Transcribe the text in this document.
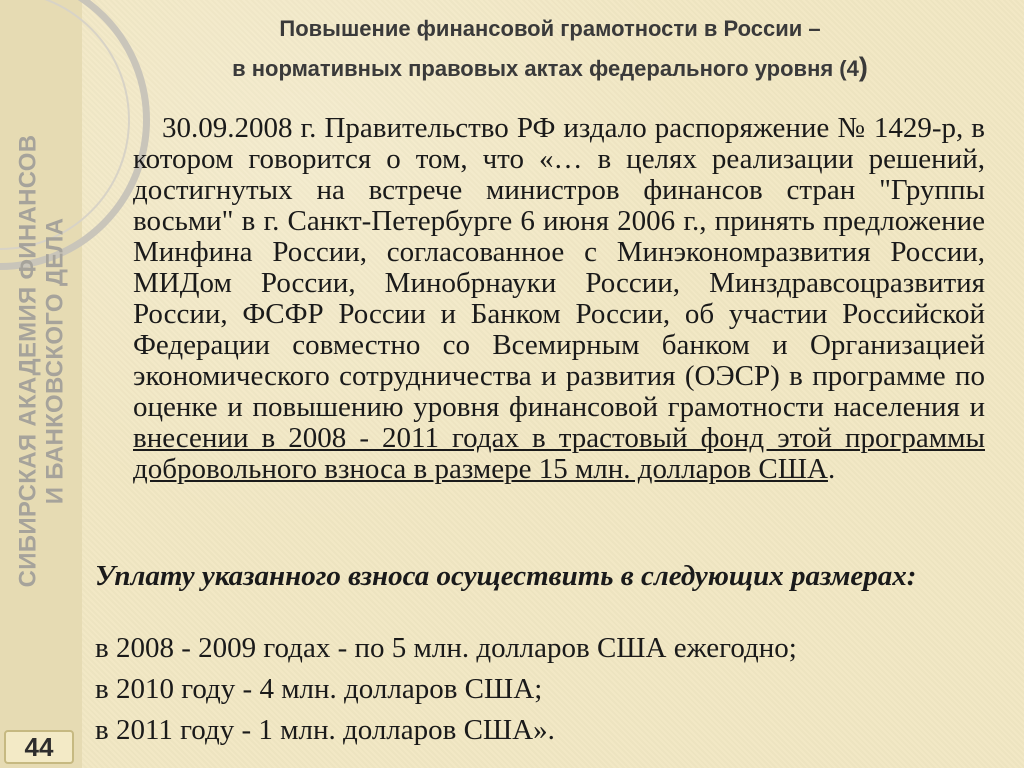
СИБИРСКАЯ АКАДЕМИЯ ФИНАНСОВ И БАНКОВСКОГО ДЕЛА
44
Повышение финансовой грамотности в России –
в нормативных правовых актах федерального уровня (4)

30.09.2008 г. Правительство РФ издало распоряжение № 1429-р, в котором говорится о том, что «… в целях реализации решений, достигнутых на встрече министров финансов стран "Группы восьми" в г. Санкт-Петербурге 6 июня 2006 г., принять предложение Минфина России, согласованное с Минэкономразвития России, МИДом России, Минобрнауки России, Минздравсоцразвития России, ФСФР России и Банком России, об участии Российской Федерации совместно со Всемирным банком и Организацией экономического сотрудничества и развития (ОЭСР) в программе по оценке и повышению уровня финансовой грамотности населения и внесении в 2008 - 2011 годах в трастовый фонд этой программы добровольного взноса в размере 15 млн. долларов США.

Уплату указанного взноса осуществить в следующих размерах:

в 2008 - 2009 годах - по 5 млн. долларов США ежегодно;

в 2010 году - 4 млн. долларов США;

в 2011 году - 1 млн. долларов США».
